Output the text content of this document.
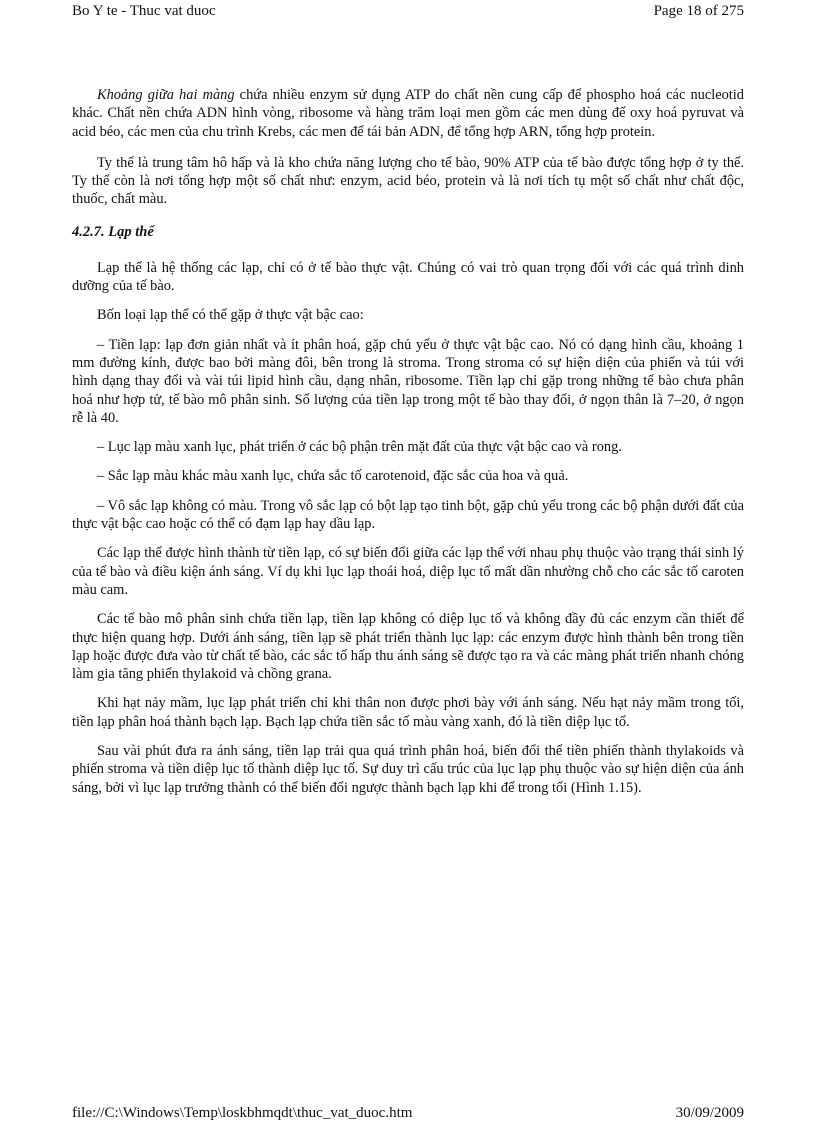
Bo Y te - Thuc vat duoc	Page 18 of 275

Khoảng giữa hai màng chứa nhiều enzym sử dụng ATP do chất nền cung cấp để phospho hoá các nucleotid khác. Chất nền chứa ADN hình vòng, ribosome và hàng trăm loại men gồm các men dùng để oxy hoá pyruvat và acid béo, các men của chu trình Krebs, các men để tái bản ADN, để tổng hợp ARN, tổng hợp protein.

Ty thể là trung tâm hô hấp và là kho chứa năng lượng cho tế bào, 90% ATP của tế bào được tổng hợp ở ty thể. Ty thể còn là nơi tổng hợp một số chất như: enzym, acid béo, protein và là nơi tích tụ một số chất như chất độc, thuốc, chất màu.

4.2.7. Lạp thể

Lạp thể là hệ thống các lạp, chỉ có ở tế bào thực vật. Chúng có vai trò quan trọng đối với các quá trình dinh dưỡng của tế bào.

Bốn loại lạp thể có thể gặp ở thực vật bậc cao:

– Tiền lạp: lạp đơn giản nhất và ít phân hoá, gặp chủ yếu ở thực vật bậc cao. Nó có dạng hình cầu, khoảng 1 mm đường kính, được bao bởi màng đôi, bên trong là stroma. Trong stroma có sự hiện diện của phiến và túi với hình dạng thay đổi và vài túi lipid hình cầu, dạng nhân, ribosome. Tiền lạp chỉ gặp trong những tế bào chưa phân hoá như hợp tử, tế bào mô phân sinh. Số lượng của tiền lạp trong một tế bào thay đổi, ở ngọn thân là 7–20, ở ngọn rễ là 40.

– Lục lạp màu xanh lục, phát triển ở các bộ phận trên mặt đất của thực vật bậc cao và rong.

– Sắc lạp màu khác màu xanh lục, chứa sắc tố carotenoid, đặc sắc của hoa và quả.

– Vô sắc lạp không có màu. Trong vô sắc lạp có bột lạp tạo tinh bột, gặp chủ yếu trong các bộ phận dưới đất của thực vật bậc cao hoặc có thể có đạm lạp hay dầu lạp.

Các lạp thể được hình thành từ tiền lạp, có sự biến đổi giữa các lạp thể với nhau phụ thuộc vào trạng thái sinh lý của tế bào và điều kiện ánh sáng. Ví dụ khi lục lạp thoái hoá, diệp lục tố mất dần nhường chỗ cho các sắc tố caroten màu cam.

Các tế bào mô phân sinh chứa tiền lạp, tiền lạp không có diệp lục tố và không đầy đủ các enzym cần thiết để thực hiện quang hợp. Dưới ánh sáng, tiền lạp sẽ phát triển thành lục lạp: các enzym được hình thành bên trong tiền lạp hoặc được đưa vào từ chất tế bào, các sắc tố hấp thu ánh sáng sẽ được tạo ra và các màng phát triển nhanh chóng làm gia tăng phiến thylakoid và chồng grana.

Khi hạt nảy mầm, lục lạp phát triển chỉ khi thân non được phơi bày với ánh sáng. Nếu hạt nảy mầm trong tối, tiền lạp phân hoá thành bạch lạp. Bạch lạp chứa tiền sắc tố màu vàng xanh, đó là tiền diệp lục tố.

Sau vài phút đưa ra ánh sáng, tiền lạp trải qua quá trình phân hoá, biến đổi thể tiền phiến thành thylakoids và phiến stroma và tiền diệp lục tố thành diệp lục tố. Sự duy trì cấu trúc của lục lạp phụ thuộc vào sự hiện diện của ánh sáng, bởi vì lục lạp trưởng thành có thể biến đổi ngược thành bạch lạp khi để trong tối (Hình 1.15).

file://C:\Windows\Temp\loskbhmqdt\thuc_vat_duoc.htm	30/09/2009
